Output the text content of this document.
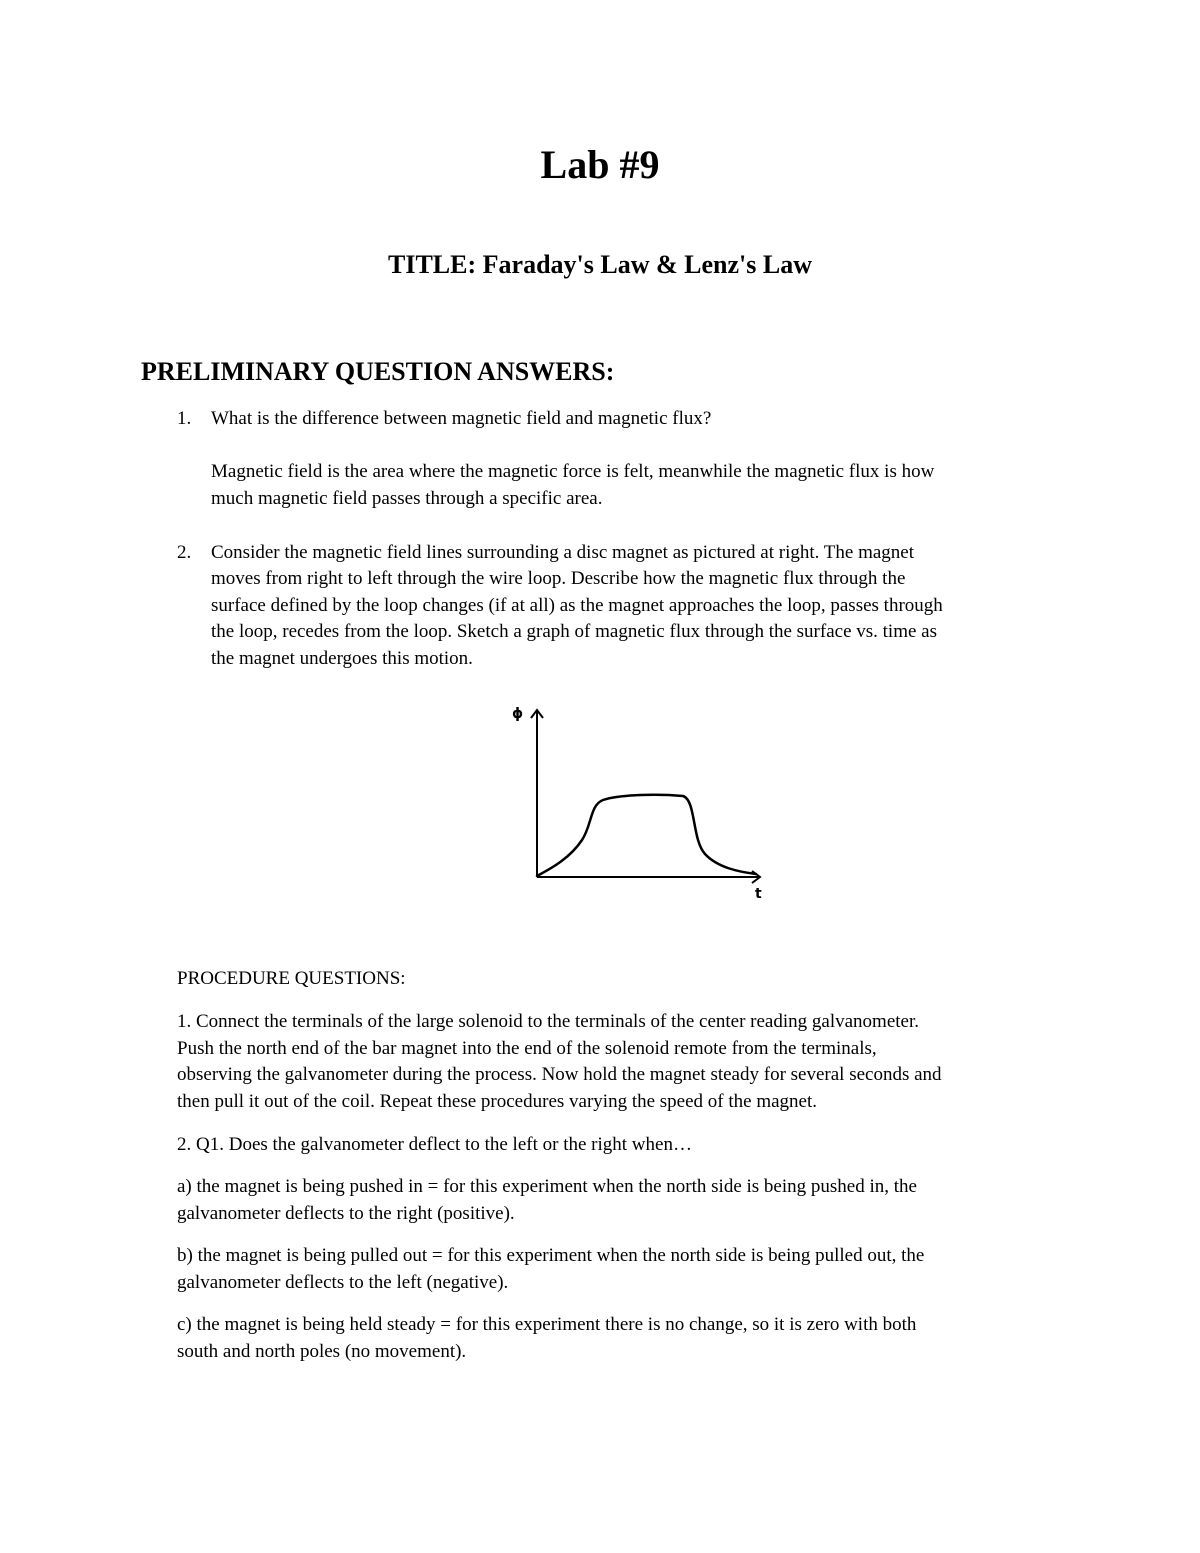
Lab #9
TITLE: Faraday's Law & Lenz's Law
PRELIMINARY QUESTION ANSWERS:
1. What is the difference between magnetic field and magnetic flux?
Magnetic field is the area where the magnetic force is felt, meanwhile the magnetic flux is how
much magnetic field passes through a specific area.
2. Consider the magnetic field lines surrounding a disc magnet as pictured at right. The magnet
moves from right to left through the wire loop. Describe how the magnetic flux through the
surface defined by the loop changes (if at all) as the magnet approaches the loop, passes through
the loop, recedes from the loop. Sketch a graph of magnetic flux through the surface vs. time as
the magnet undergoes this motion.
ϕ
t
PROCEDURE QUESTIONS:
1. Connect the terminals of the large solenoid to the terminals of the center reading galvanometer.
Push the north end of the bar magnet into the end of the solenoid remote from the terminals,
observing the galvanometer during the process. Now hold the magnet steady for several seconds and
then pull it out of the coil. Repeat these procedures varying the speed of the magnet.
2. Q1. Does the galvanometer deflect to the left or the right when…
a) the magnet is being pushed in = for this experiment when the north side is being pushed in, the
galvanometer deflects to the right (positive).
b) the magnet is being pulled out = for this experiment when the north side is being pulled out, the
galvanometer deflects to the left (negative).
c) the magnet is being held steady = for this experiment there is no change, so it is zero with both
south and north poles (no movement).
